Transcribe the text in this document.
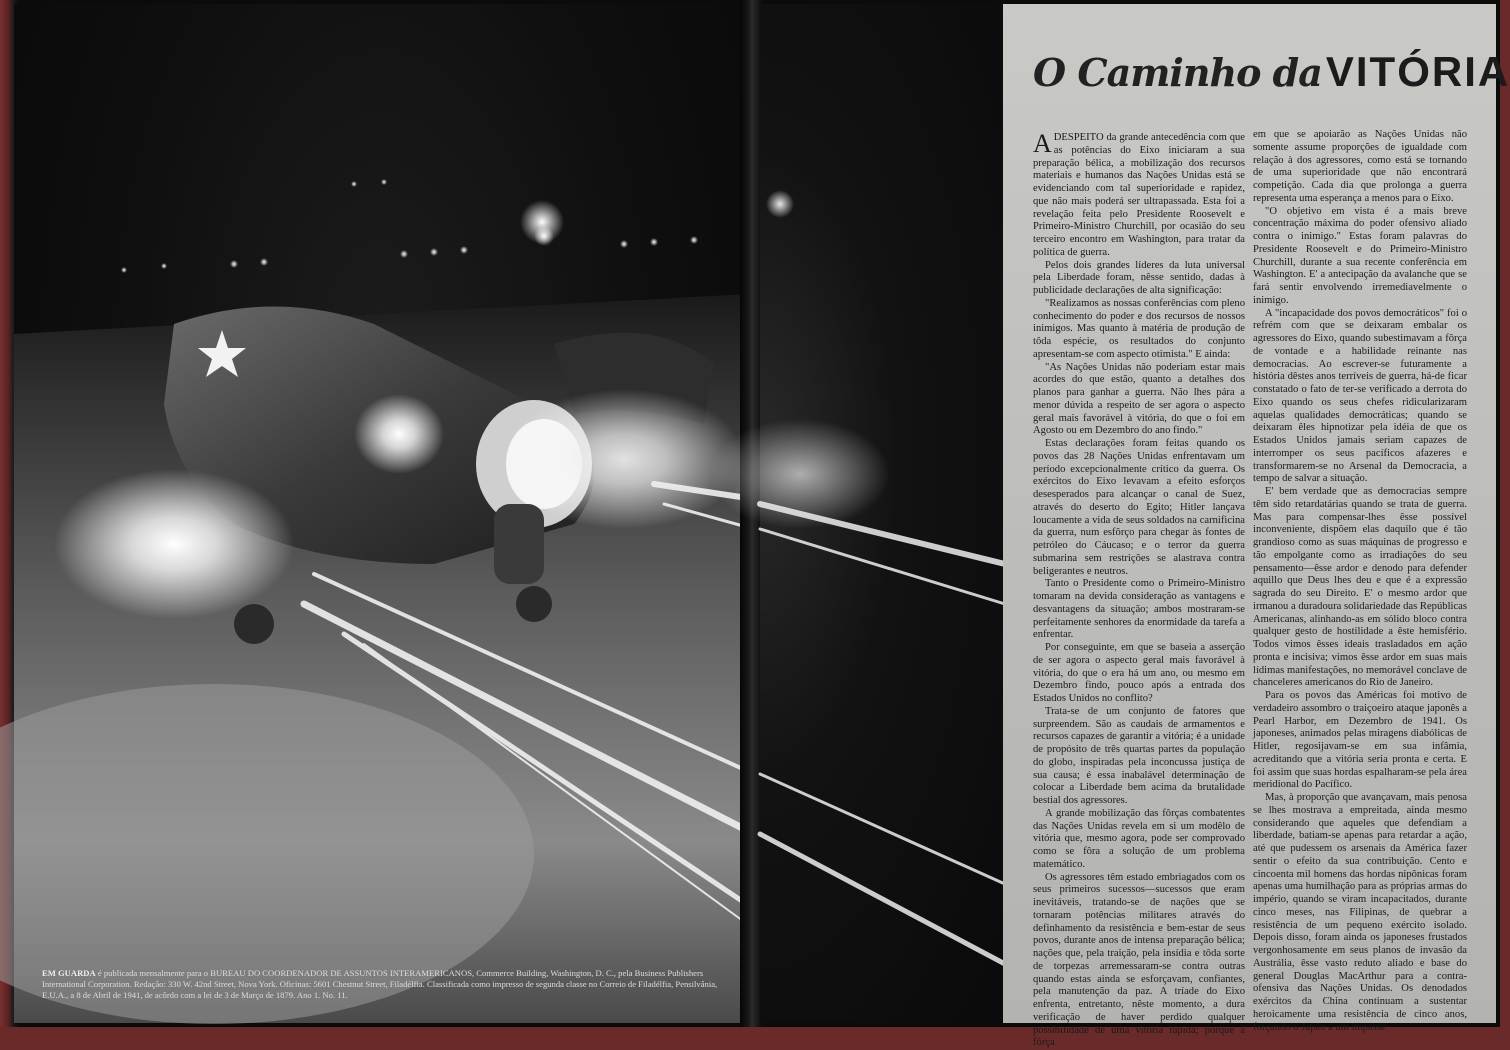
EM GUARDA é publicada mensalmente para o BUREAU DO COORDENADOR DE ASSUNTOS INTERAMERICANOS, Commerce Building, Washington, D. C., pela Business Publishers International Corporation. Redação: 330 W. 42nd Street, Nova York. Oficinas: 5601 Chestnut Street, Filadélfia. Classificada como impresso de segunda classe no Correio de Filadélfia, Pensilvânia, E.U.A., a 8 de Abril de 1941, de acôrdo com a lei de 3 de Março de 1879. Ano 1. No. 11.
O Caminho da VITÓRIA

ADESPEITO da grande antecedência com que as potências do Eixo iniciaram a sua preparação bélica, a mobilização dos recursos materiais e humanos das Nações Unidas está se evidenciando com tal superioridade e rapidez, que não mais poderá ser ultrapassada. Esta foi a revelação feita pelo Presidente Roosevelt e Primeiro-Ministro Churchill, por ocasião do seu terceiro encontro em Washington, para tratar da política de guerra.

Pelos dois grandes líderes da luta universal pela Liberdade foram, nêsse sentido, dadas à publicidade declarações de alta significação:

"Realizamos as nossas conferências com pleno conhecimento do poder e dos recursos de nossos inimigos. Mas quanto à matéria de produção de tôda espécie, os resultados do conjunto apresentam-se com aspecto otimista." E ainda:

"As Nações Unidas não poderiam estar mais acordes do que estão, quanto a detalhes dos planos para ganhar a guerra. Não lhes pára a menor dúvida a respeito de ser agora o aspecto geral mais favorável à vitória, do que o foi em Agosto ou em Dezembro do ano findo."

Estas declarações foram feitas quando os povos das 28 Nações Unidas enfrentavam um período excepcionalmente crítico da guerra. Os exércitos do Eixo levavam a efeito esforços desesperados para alcançar o canal de Suez, através do deserto do Egito; Hitler lançava loucamente a vida de seus soldados na carnificina da guerra, num esfôrço para chegar às fontes de petróleo do Cáucaso; e o terror da guerra submarina sem restrições se alastrava contra beligerantes e neutros.

Tanto o Presidente como o Primeiro-Ministro tomaram na devida consideração as vantagens e desvantagens da situação; ambos mostraram-se perfeitamente senhores da enormidade da tarefa a enfrentar.

Por conseguinte, em que se baseia a asserção de ser agora o aspecto geral mais favorável à vitória, do que o era há um ano, ou mesmo em Dezembro findo, pouco após a entrada dos Estados Unidos no conflito?

Trata-se de um conjunto de fatores que surpreendem. São as caudais de armamentos e recursos capazes de garantir a vitória; é a unidade de propósito de três quartas partes da população do globo, inspiradas pela inconcussa justiça de sua causa; é essa inabalável determinação de colocar a Liberdade bem acima da brutalidade bestial dos agressores.

A grande mobilização das fôrças combatentes das Nações Unidas revela em si um modêlo de vitória que, mesmo agora, pode ser comprovado como se fôra a solução de um problema matemático.

Os agressores têm estado embriagados com os seus primeiros sucessos—sucessos que eram inevitáveis, tratando-se de nações que se tornaram potências militares através do definhamento da resistência e bem-estar de seus povos, durante anos de intensa preparação bélica; nações que, pela traição, pela insídia e tôda sorte de torpezas arremessaram-se contra outras quando estas ainda se esforçavam, confiantes, pela manutenção da paz. A tríade do Eixo enfrenta, entretanto, nêste momento, a dura verificação de haver perdido qualquer possibilidade de uma vitória rápida; porque a fôrça

em que se apoiarão as Nações Unidas não somente assume proporções de igualdade com relação à dos agressores, como está se tornando de uma superioridade que não encontrará competição. Cada dia que prolonga a guerra representa uma esperança a menos para o Eixo.

"O objetivo em vista é a mais breve concentração máxima do poder ofensivo aliado contra o inimigo." Estas foram palavras do Presidente Roosevelt e do Primeiro-Ministro Churchill, durante a sua recente conferência em Washington. E' a antecipação da avalanche que se fará sentir envolvendo irremediavelmente o inimigo.

A "incapacidade dos povos democráticos" foi o refrém com que se deixaram embalar os agressores do Eixo, quando subestimavam a fôrça de vontade e a habilidade reinante nas democracias. Ao escrever-se futuramente a história dêstes anos terríveis de guerra, há-de ficar constatado o fato de ter-se verificado a derrota do Eixo quando os seus chefes ridicularizaram aquelas qualidades democráticas; quando se deixaram êles hipnotizar pela idéia de que os Estados Unidos jamais seriam capazes de interromper os seus pacíficos afazeres e transformarem-se no Arsenal da Democracia, a tempo de salvar a situação.

E' bem verdade que as democracias sempre têm sido retardatárias quando se trata de guerra. Mas para compensar-lhes êsse possível inconveniente, dispõem elas daquilo que é tão grandioso como as suas máquinas de progresso e tão empolgante como as irradiações do seu pensamento—êsse ardor e denodo para defender aquillo que Deus lhes deu e que é a expressão sagrada do seu Direito. E' o mesmo ardor que irmanou a duradoura solidariedade das Repúblicas Americanas, alinhando-as em sólido bloco contra qualquer gesto de hostilidade a êste hemisfério. Todos vimos êsses ideais trasladados em ação pronta e incisiva; vimos êsse ardor em suas mais lídimas manifestações, no memorável conclave de chanceleres americanos do Rio de Janeiro.

Para os povos das Américas foi motivo de verdadeiro assombro o traiçoeiro ataque japonês a Pearl Harbor, em Dezembro de 1941. Os japoneses, animados pelas miragens diabólicas de Hitler, regosijavam-se em sua infâmia, acreditando que a vitória seria pronta e certa. E foi assim que suas hordas espalharam-se pela área meridional do Pacífico.

Mas, à proporção que avançavam, mais penosa se lhes mostrava a empreitada, ainda mesmo considerando que aqueles que defendiam a liberdade, batiam-se apenas para retardar a ação, até que pudessem os arsenais da América fazer sentir o efeito da sua contribuição. Cento e cincoenta mil homens das hordas nipônicas foram apenas uma humilhação para as próprias armas do império, quando se viram incapacitados, durante cinco meses, nas Filipinas, de quebrar a resistência de um pequeno exército isolado. Depois disso, foram ainda os japoneses frustados vergonhosamente em seus planos de invasão da Austrália, êsse vasto reduto aliado e base do general Douglas MacArthur para a contra-ofensiva das Nações Unidas. Os denodados exércitos da China continuam a sustentar heroicamente uma resistência de cinco anos, forçando o Japão a um impasse
